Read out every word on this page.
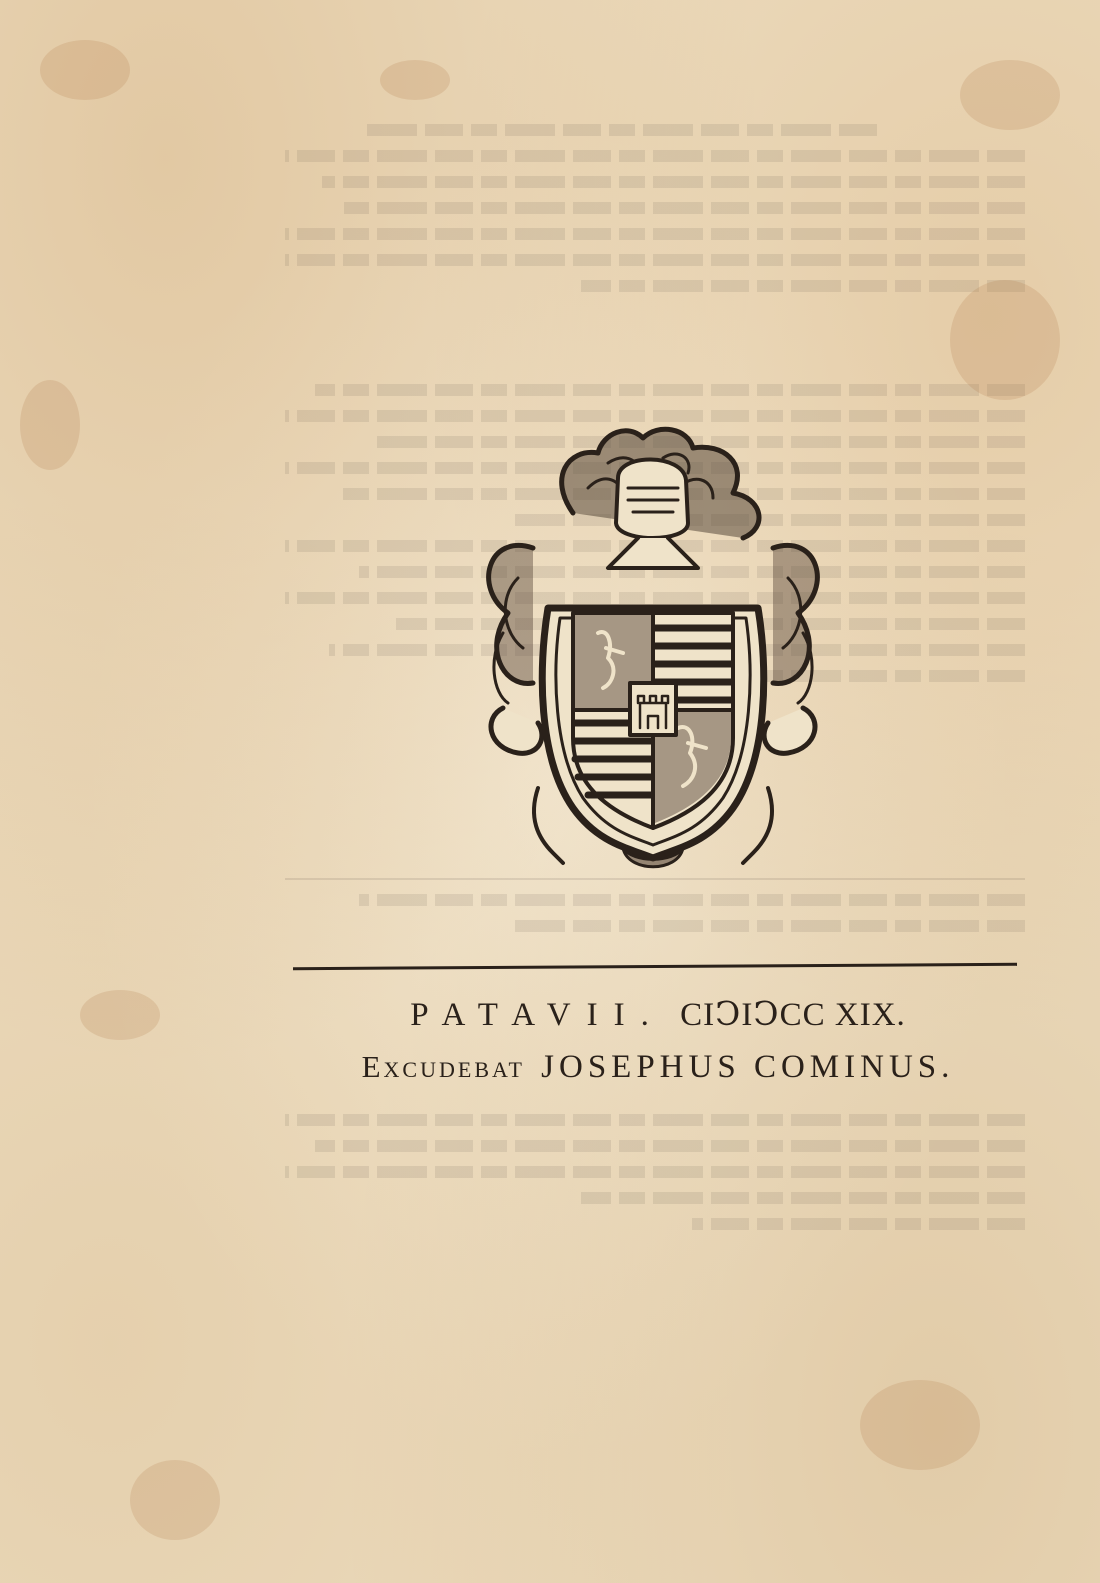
PATAVII. CIↃIↃCC XIX.
Excudebat JOSEPHUS COMINUS.
